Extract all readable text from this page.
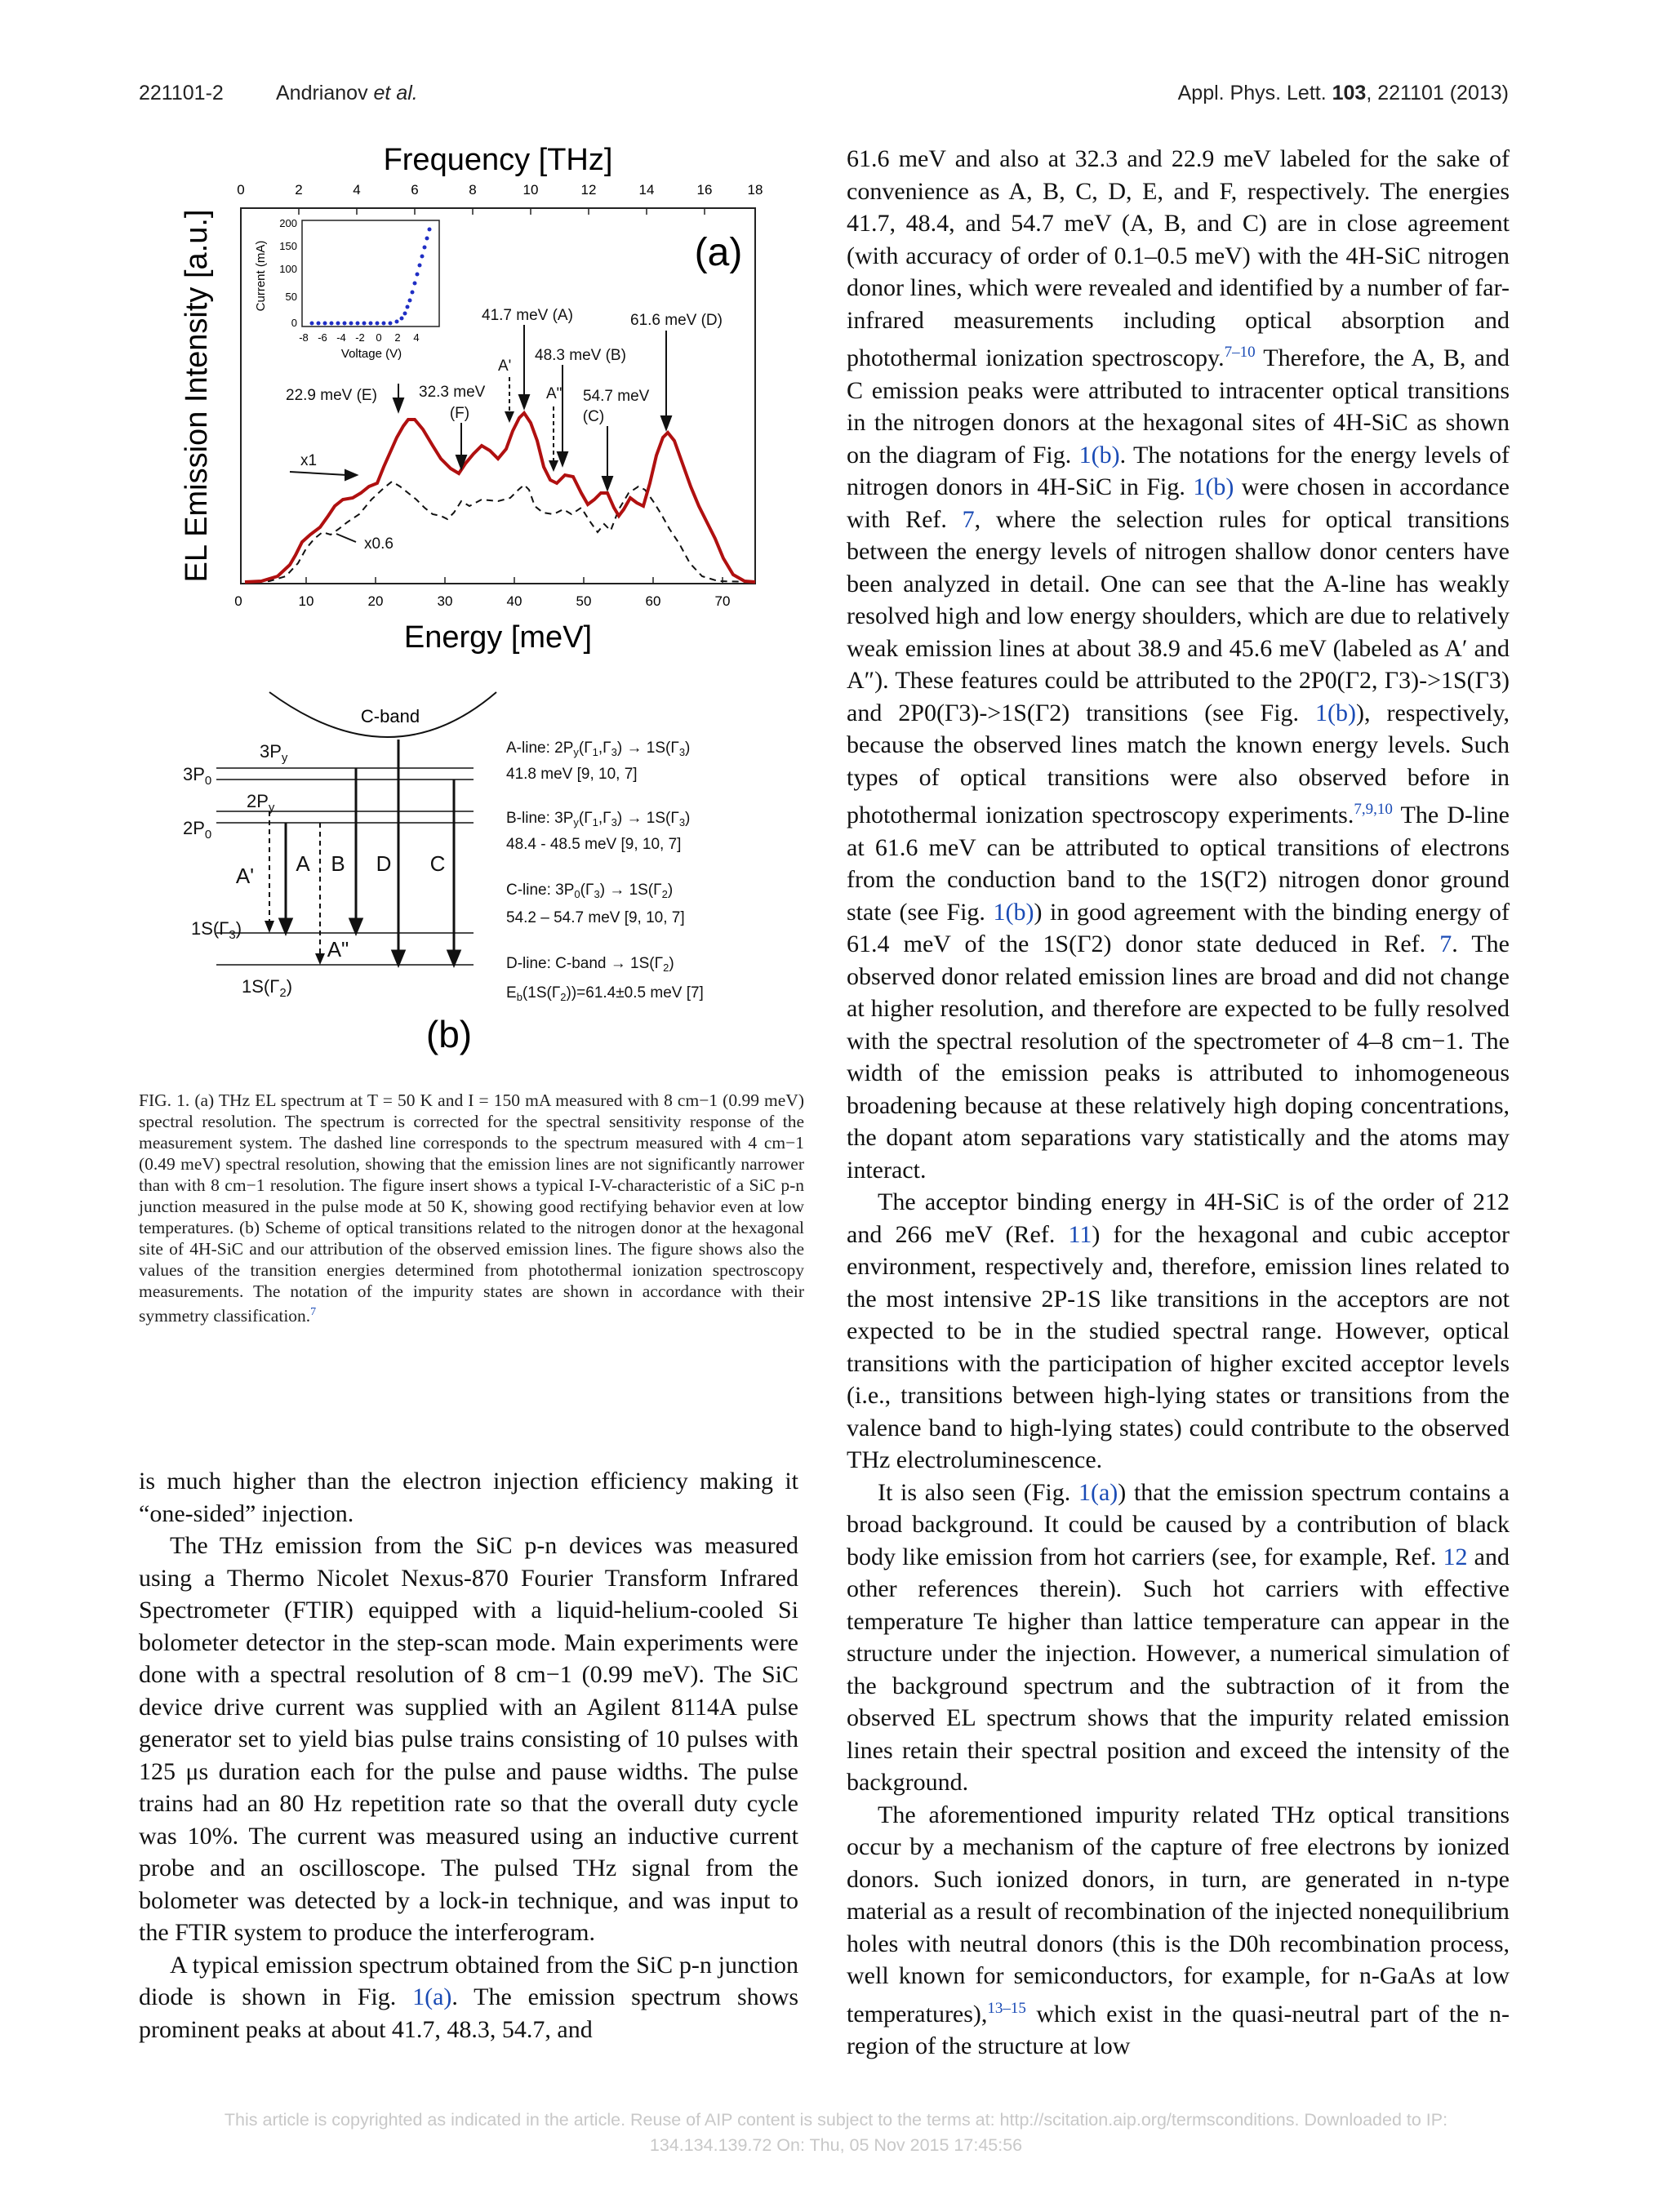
221101-2	Andrianov et al.	Appl. Phys. Lett. 103, 221101 (2013)
Frequency [THz]
0	2	4	6	8	10	12	14	16	18
0	10	20	30	40	50	60	70
Energy [meV]
EL Emission Intensity [a.u.]	(a)
200
150
100
50
0
-8 -6 -4 -2 0 2 4
Voltage (V)
Current (mA)
41.7 meV (A)	61.6 meV (D)
48.3 meV (B)
A'
22.9 meV (E)	32.3 meV
(F)
A" 54.7 meV
(C)
x1
x0.6
C-band
$3P_y$
$3P_0$
$2P_y$
$2P_0$
$1S(\Gamma_3)$
$1S(\Gamma_2)$
A' A B D C
A"
A-line: $2P_y(\Gamma_1,\Gamma_3) \to 1S(\Gamma_3)$
41.8 meV [9, 10, 7]
B-line: $3P_y(\Gamma_1,\Gamma_3) \to 1S(\Gamma_3)$
48.4 - 48.5 meV [9, 10, 7]
C-line: $3P_0(\Gamma_3) \to 1S(\Gamma_2)$
54.2 – 54.7 meV [9, 10, 7]
D-line: C-band → $1S(\Gamma_2)$
$E_b(1S(\Gamma_2))=61.4\pm 0.5$ meV [7]
(b)
FIG. 1. (a) THz EL spectrum at T = 50 K and I = 150 mA measured with 8 cm−1 (0.99 meV) spectral resolution. The spectrum is corrected for the spectral sensitivity response of the measurement system. The dashed line corresponds to the spectrum measured with 4 cm−1 (0.49 meV) spectral resolution, showing that the emission lines are not significantly narrower than with 8 cm−1 resolution. The figure insert shows a typical I-V-characteristic of a SiC p-n junction measured in the pulse mode at 50 K, showing good rectifying behavior even at low temperatures. (b) Scheme of optical transitions related to the nitrogen donor at the hexagonal site of 4H-SiC and our attribution of the observed emission lines. The figure shows also the values of the transition energies determined from photothermal ionization spectroscopy measurements. The notation of the impurity states are shown in accordance with their symmetry classification.$^7$

is much higher than the electron injection efficiency making it “one-sided” injection.

The THz emission from the SiC p-n devices was measured using a Thermo Nicolet Nexus-870 Fourier Transform Infrared Spectrometer (FTIR) equipped with a liquid-helium-cooled Si bolometer detector in the step-scan mode. Main experiments were done with a spectral resolution of 8 cm−1 (0.99 meV). The SiC device drive current was supplied with an Agilent 8114A pulse generator set to yield bias pulse trains consisting of 10 pulses with 125 μs duration each for the pulse and pause widths. The pulse trains had an 80 Hz repetition rate so that the overall duty cycle was 10%. The current was measured using an inductive current probe and an oscilloscope. The pulsed THz signal from the bolometer was detected by a lock-in technique, and was input to the FTIR system to produce the interferogram.

A typical emission spectrum obtained from the SiC p-n junction diode is shown in Fig. 1(a). The emission spectrum shows prominent peaks at about 41.7, 48.3, 54.7, and

61.6 meV and also at 32.3 and 22.9 meV labeled for the sake of convenience as A, B, C, D, E, and F, respectively. The energies 41.7, 48.4, and 54.7 meV (A, B, and C) are in close agreement (with accuracy of order of 0.1–0.5 meV) with the 4H-SiC nitrogen donor lines, which were revealed and identified by a number of far-infrared measurements including optical absorption and photothermal ionization spectroscopy.$^{7-10}$ Therefore, the A, B, and C emission peaks were attributed to intracenter optical transitions in the nitrogen donors at the hexagonal sites of 4H-SiC as shown on the diagram of Fig. 1(b). The notations for the energy levels of nitrogen donors in 4H-SiC in Fig. 1(b) were chosen in accordance with Ref. 7, where the selection rules for optical transitions between the energy levels of nitrogen shallow donor centers have been analyzed in detail. One can see that the A-line has weakly resolved high and low energy shoulders, which are due to relatively weak emission lines at about 38.9 and 45.6 meV (labeled as A′ and A″). These features could be attributed to the 2P0(Γ2, Γ3)->1S(Γ3) and 2P0(Γ3)->1S(Γ2) transitions (see Fig. 1(b)), respectively, because the observed lines match the known energy levels. Such types of optical transitions were also observed before in photothermal ionization spectroscopy experiments.$^{7,9,10}$ The D-line at 61.6 meV can be attributed to optical transitions of electrons from the conduction band to the 1S(Γ2) nitrogen donor ground state (see Fig. 1(b)) in good agreement with the binding energy of 61.4 meV of the 1S(Γ2) donor state deduced in Ref. 7. The observed donor related emission lines are broad and did not change at higher resolution, and therefore are expected to be fully resolved with the spectral resolution of the spectrometer of 4–8 cm−1. The width of the emission peaks is attributed to inhomogeneous broadening because at these relatively high doping concentrations, the dopant atom separations vary statistically and the atoms may interact.

The acceptor binding energy in 4H-SiC is of the order of 212 and 266 meV (Ref. 11) for the hexagonal and cubic acceptor environment, respectively and, therefore, emission lines related to the most intensive 2P-1S like transitions in the acceptors are not expected to be in the studied spectral range. However, optical transitions with the participation of higher excited acceptor levels (i.e., transitions between high-lying states or transitions from the valence band to high-lying states) could contribute to the observed THz electroluminescence.

It is also seen (Fig. 1(a)) that the emission spectrum contains a broad background. It could be caused by a contribution of black body like emission from hot carriers (see, for example, Ref. 12 and other references therein). Such hot carriers with effective temperature Te higher than lattice temperature can appear in the structure under the injection. However, a numerical simulation of the background spectrum and the subtraction of it from the observed EL spectrum shows that the impurity related emission lines retain their spectral position and exceed the intensity of the background.

The aforementioned impurity related THz optical transitions occur by a mechanism of the capture of free electrons by ionized donors. Such ionized donors, in turn, are generated in n-type material as a result of recombination of the injected nonequilibrium holes with neutral donors (this is the D0h recombination process, well known for semiconductors, for example, for n-GaAs at low temperatures),$^{13-15}$ which exist in the quasi-neutral part of the n-region of the structure at low

This article is copyrighted as indicated in the article. Reuse of AIP content is subject to the terms at: http://scitation.aip.org/termsconditions. Downloaded to IP:
134.134.139.72 On: Thu, 05 Nov 2015 17:45:56
